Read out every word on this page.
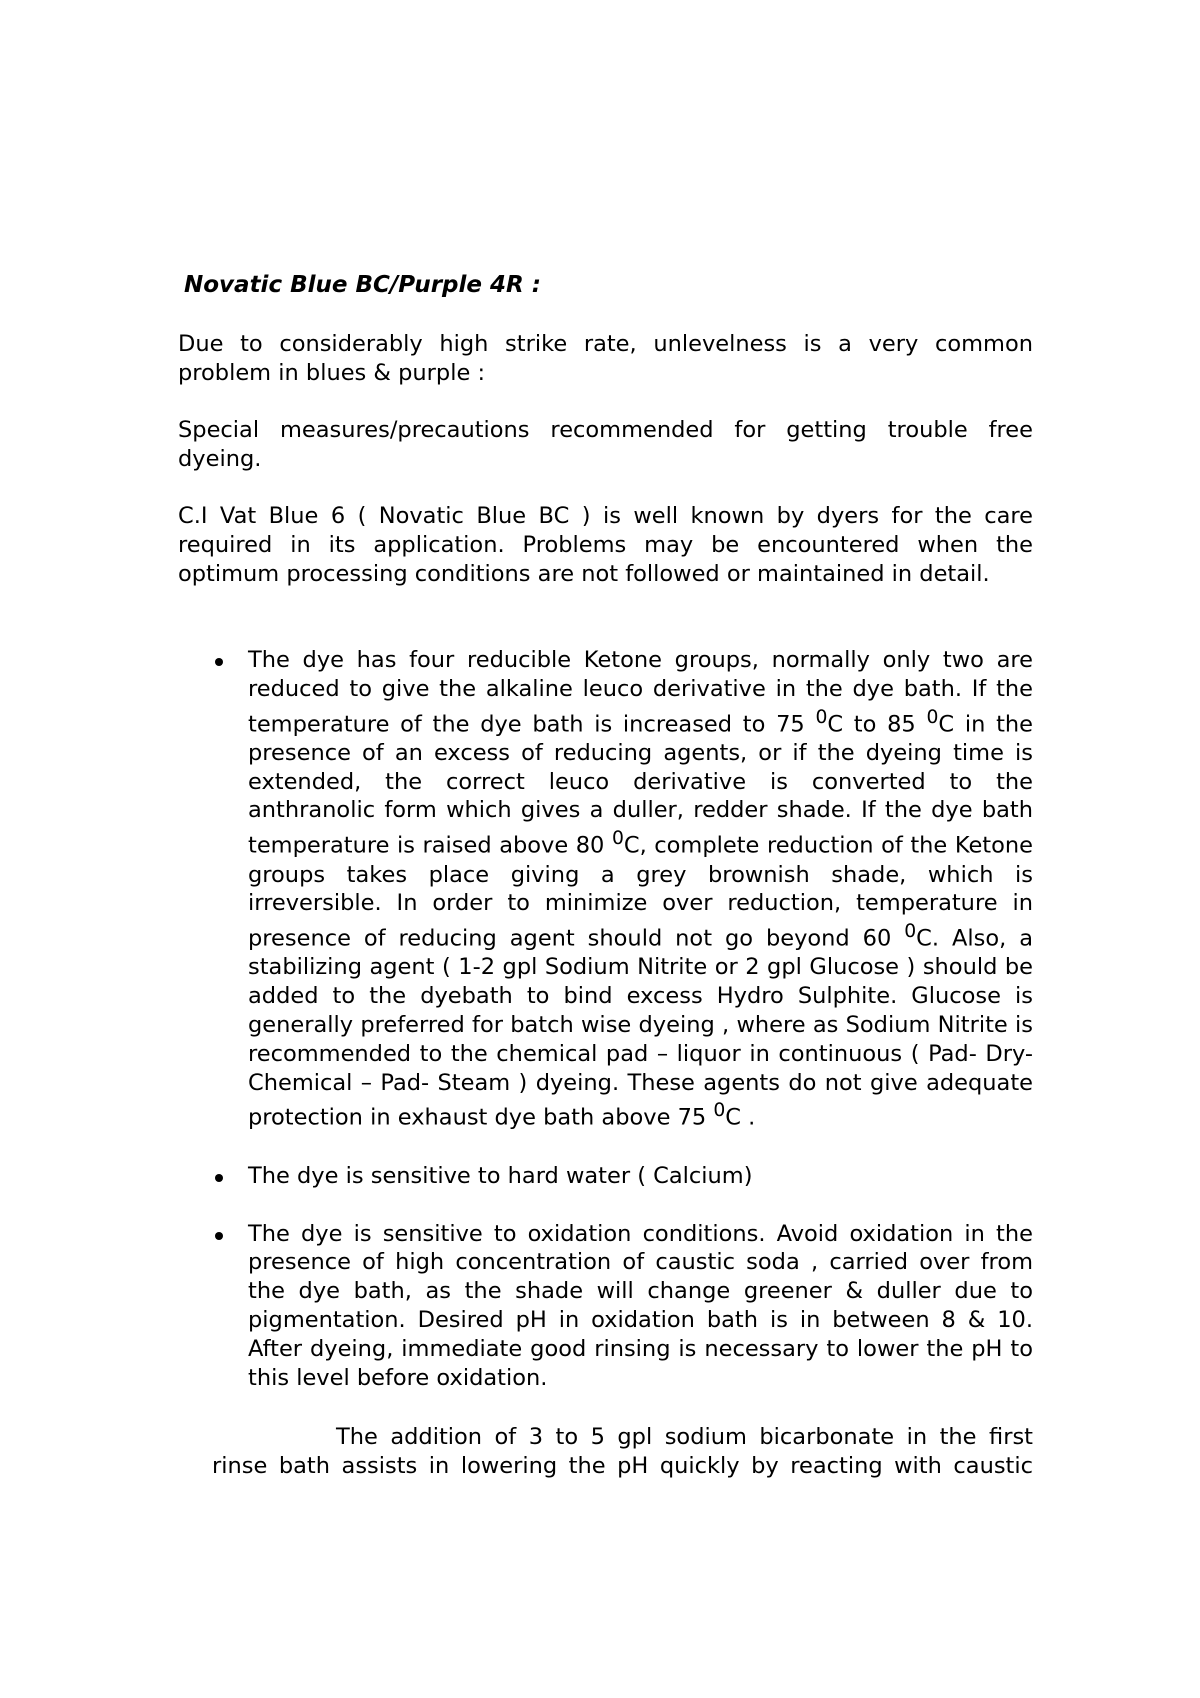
Novatic Blue BC/Purple 4R :

Due to considerably high strike rate, unlevelness is a very common problem in blues & purple :

Special measures/precautions recommended for getting trouble free dyeing.

C.I Vat Blue 6 ( Novatic Blue BC ) is well known by dyers for the care required in its application. Problems may be encountered when the optimum processing conditions are not followed or maintained in detail.

The dye has four reducible Ketone groups, normally only two are reduced to give the alkaline leuco derivative in the dye bath. If the temperature of the dye bath is increased to 75 $^0$C to 85 $^0$C in the presence of an excess of reducing agents, or if the dyeing time is extended, the correct leuco derivative is converted to the anthranolic form which gives a duller, redder shade. If the dye bath temperature is raised above 80 $^0$C, complete reduction of the Ketone groups takes place giving a grey brownish shade, which is irreversible. In order to minimize over reduction, temperature in presence of reducing agent should not go beyond 60 $^0$C. Also, a stabilizing agent ( 1-2 gpl Sodium Nitrite or 2 gpl Glucose ) should be added to the dyebath to bind excess Hydro Sulphite. Glucose is generally preferred for batch wise dyeing , where as Sodium Nitrite is recommended to the chemical pad – liquor in continuous ( Pad- Dry-Chemical – Pad- Steam ) dyeing. These agents do not give adequate protection in exhaust dye bath above 75 $^0$C .
The dye is sensitive to hard water ( Calcium)
The dye is sensitive to oxidation conditions. Avoid oxidation in the presence of high concentration of caustic soda , carried over from the dye bath, as the shade will change greener & duller due to pigmentation. Desired pH in oxidation bath is in between 8 & 10. After dyeing, immediate good rinsing is necessary to lower the pH to this level before oxidation.

The addition of 3 to 5 gpl sodium bicarbonate in the first rinse bath assists in lowering the pH quickly by reacting with caustic
